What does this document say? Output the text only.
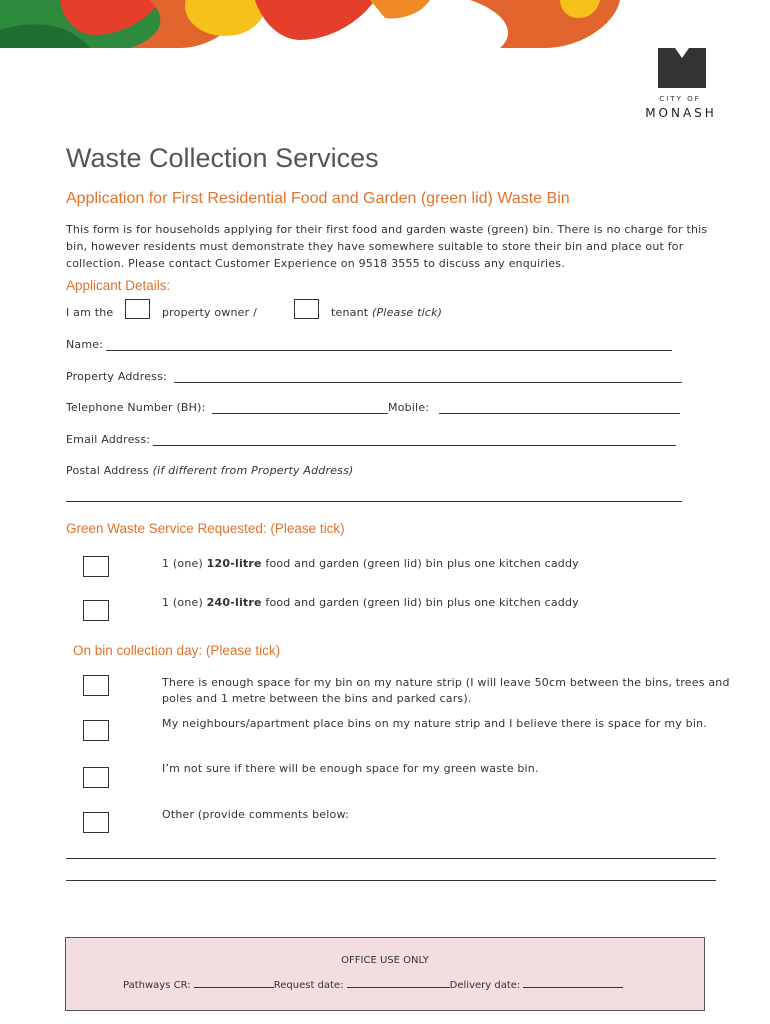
CITY OF
MONASH
Waste Collection Services
Application for First Residential Food and Garden (green lid) Waste Bin
This form is for households applying for their first food and garden waste (green) bin. There is no charge for this bin, however residents must demonstrate they have somewhere suitable to store their bin and place out for collection. Please contact Customer Experience on 9518 3555 to discuss any enquiries.
Applicant Details:
I am the	property owner /	tenant (Please tick)
Name:
Property Address:
Telephone Number (BH):	Mobile:
Email Address:
Postal Address (if different from Property Address)
Green Waste Service Requested: (Please tick)
1 (one) 120-litre food and garden (green lid) bin plus one kitchen caddy
1 (one) 240-litre food and garden (green lid) bin plus one kitchen caddy
On bin collection day: (Please tick)
There is enough space for my bin on my nature strip (I will leave 50cm between the bins, trees and
poles and 1 metre between the bins and parked cars).
My neighbours/apartment place bins on my nature strip and I believe there is space for my bin.
I’m not sure if there will be enough space for my green waste bin.
Other (provide comments below:
OFFICE USE ONLY
Pathways CR:	Request date:	Delivery date:
